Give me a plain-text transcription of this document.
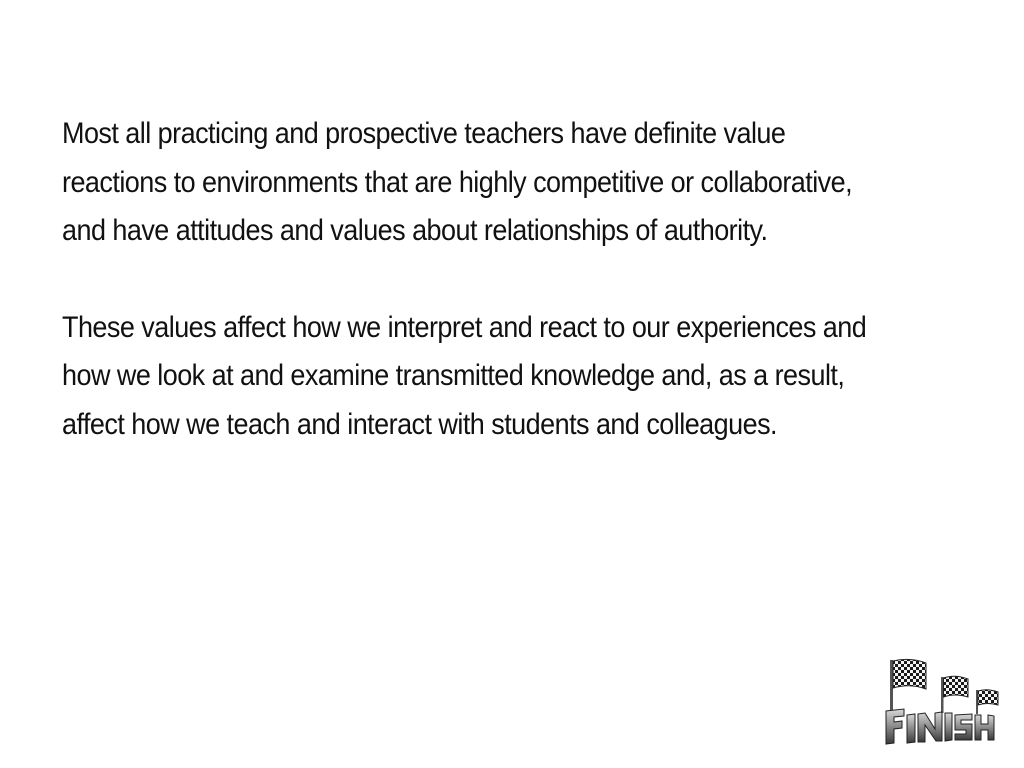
Most all practicing and prospective teachers have definite value reactions to environments that are highly competitive or collaborative, and have attitudes and values about relationships of authority.

These values affect how we interpret and react to our experiences and how we look at and examine transmitted knowledge and, as a result, affect how we teach and interact with students and colleagues.
